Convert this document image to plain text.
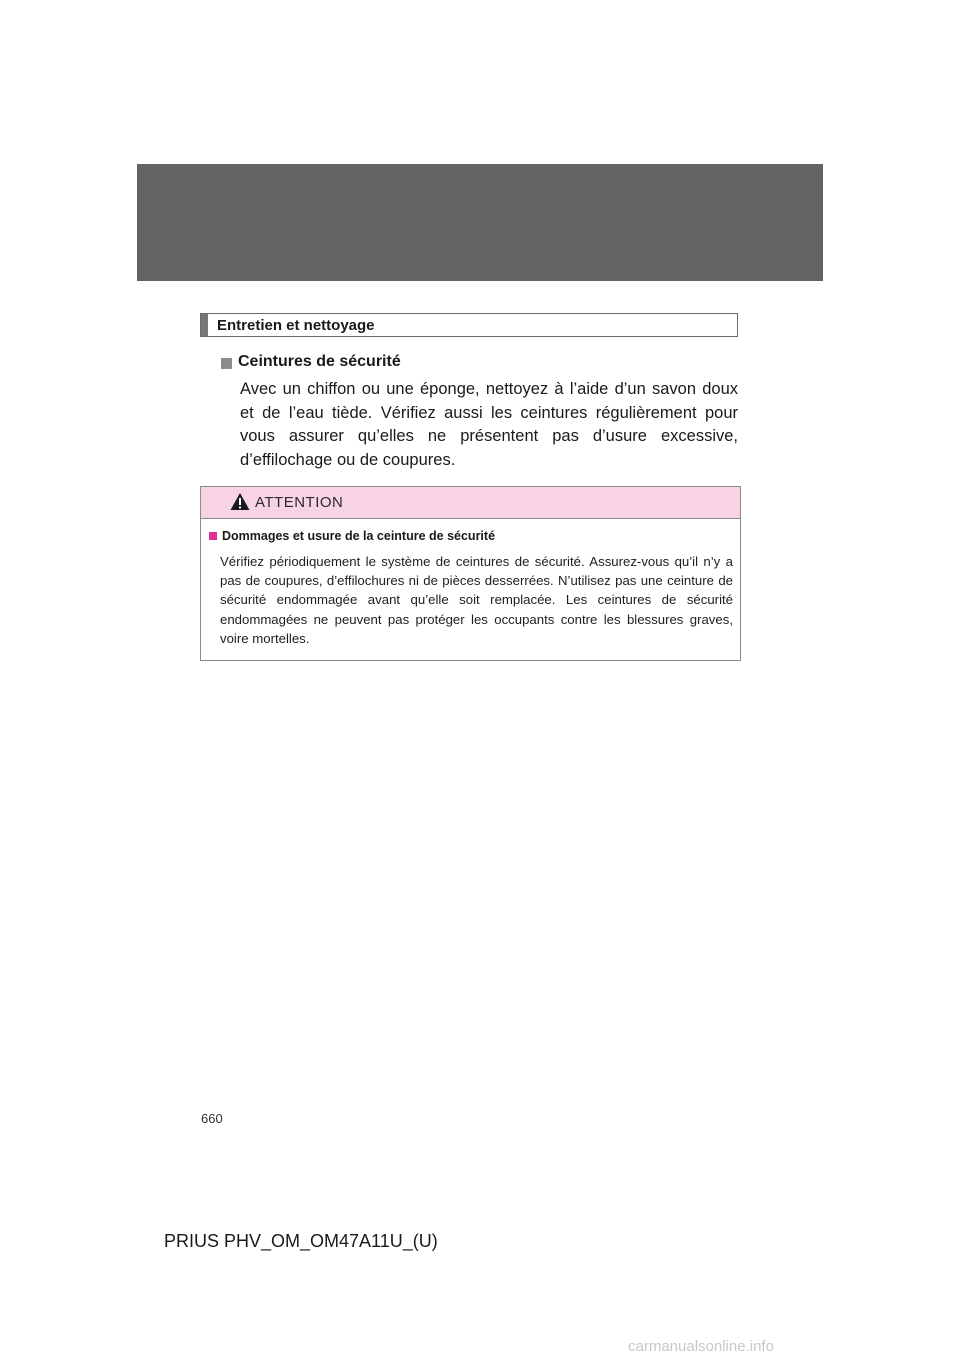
Entretien et nettoyage
Ceintures de sécurité

Avec un chiffon ou une éponge, nettoyez à l’aide d’un savon doux et de l’eau tiède. Vérifiez aussi les ceintures régulièrement pour vous assurer qu’elles ne présentent pas d’usure excessive, d’effilochage ou de coupures.

ATTENTION
Dommages et usure de la ceinture de sécurité

Vérifiez périodiquement le système de ceintures de sécurité. Assurez-vous qu’il n’y a pas de coupures, d’effilochures ni de pièces desserrées. N’utilisez pas une ceinture de sécurité endommagée avant qu’elle soit remplacée. Les ceintures de sécurité endommagées ne peuvent pas protéger les occupants contre les blessures graves, voire mortelles.

660
PRIUS PHV_OM_OM47A11U_(U)
carmanualsonline.info
